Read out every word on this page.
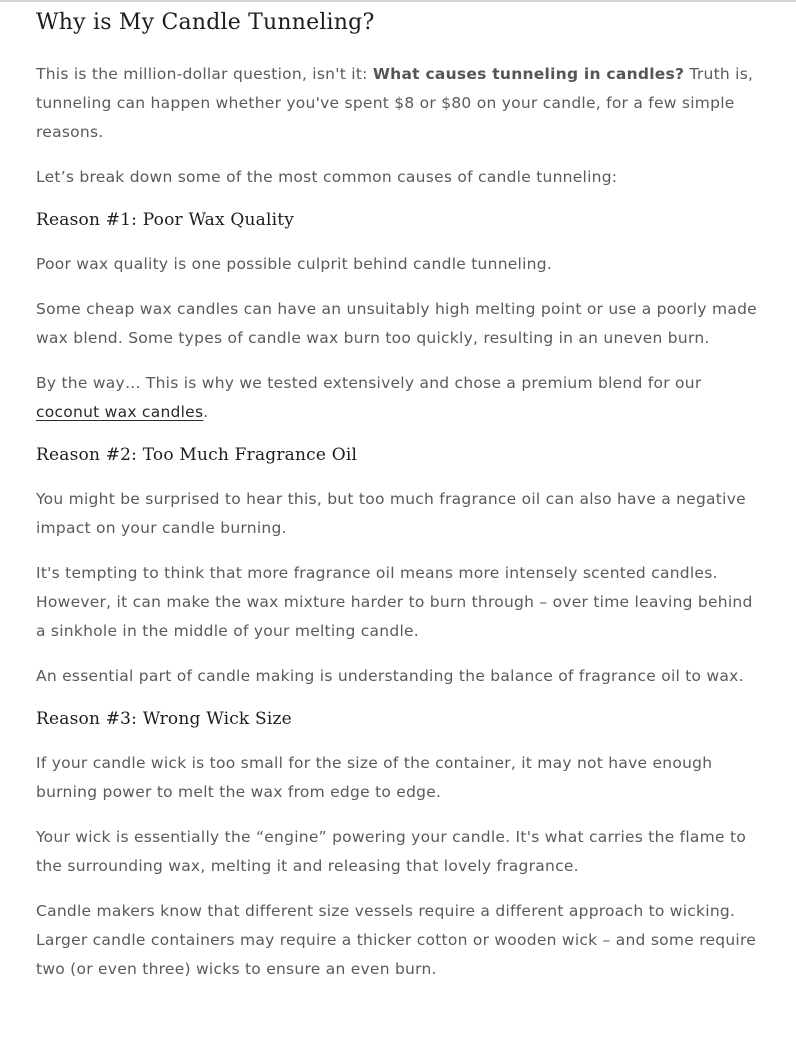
Why is My Candle Tunneling?

This is the million-dollar question, isn't it: What causes tunneling in candles? Truth is, tunneling can happen whether you've spent $8 or $80 on your candle, for a few simple reasons.

Let’s break down some of the most common causes of candle tunneling:

Reason #1: Poor Wax Quality

Poor wax quality is one possible culprit behind candle tunneling.

Some cheap wax candles can have an unsuitably high melting point or use a poorly made wax blend. Some types of candle wax burn too quickly, resulting in an uneven burn.

By the way… This is why we tested extensively and chose a premium blend for our coconut wax candles.

Reason #2: Too Much Fragrance Oil

You might be surprised to hear this, but too much fragrance oil can also have a negative impact on your candle burning.

It's tempting to think that more fragrance oil means more intensely scented candles. However, it can make the wax mixture harder to burn through – over time leaving behind a sinkhole in the middle of your melting candle.

An essential part of candle making is understanding the balance of fragrance oil to wax.

Reason #3: Wrong Wick Size

If your candle wick is too small for the size of the container, it may not have enough burning power to melt the wax from edge to edge.

Your wick is essentially the “engine” powering your candle. It's what carries the flame to the surrounding wax, melting it and releasing that lovely fragrance.

Candle makers know that different size vessels require a different approach to wicking. Larger candle containers may require a thicker cotton or wooden wick – and some require two (or even three) wicks to ensure an even burn.
